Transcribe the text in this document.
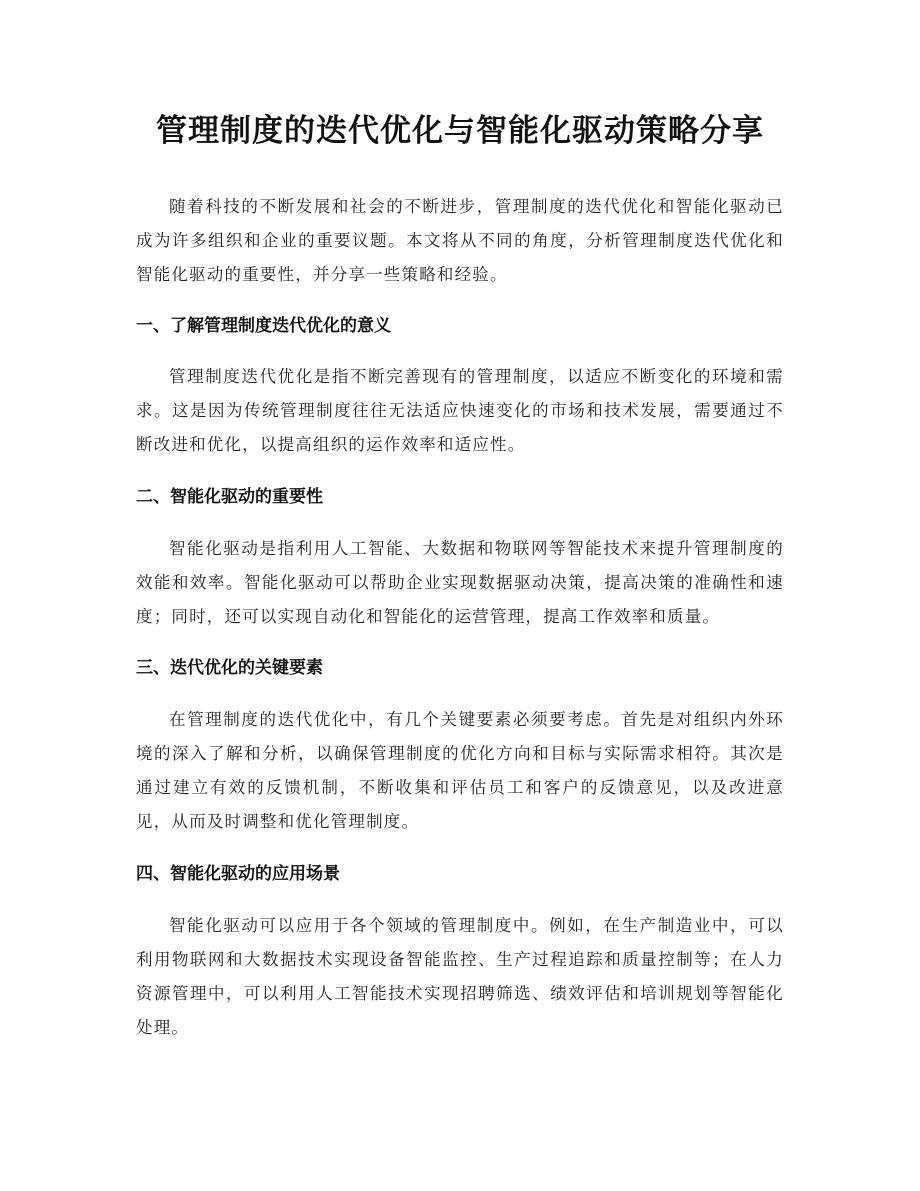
管理制度的迭代优化与智能化驱动策略分享

随着科技的不断发展和社会的不断进步，管理制度的迭代优化和智能化驱动已成为许多组织和企业的重要议题。本文将从不同的角度，分析管理制度迭代优化和智能化驱动的重要性，并分享一些策略和经验。

一、了解管理制度迭代优化的意义

管理制度迭代优化是指不断完善现有的管理制度，以适应不断变化的环境和需求。这是因为传统管理制度往往无法适应快速变化的市场和技术发展，需要通过不断改进和优化，以提高组织的运作效率和适应性。

二、智能化驱动的重要性

智能化驱动是指利用人工智能、大数据和物联网等智能技术来提升管理制度的效能和效率。智能化驱动可以帮助企业实现数据驱动决策，提高决策的准确性和速度；同时，还可以实现自动化和智能化的运营管理，提高工作效率和质量。

三、迭代优化的关键要素

在管理制度的迭代优化中，有几个关键要素必须要考虑。首先是对组织内外环境的深入了解和分析，以确保管理制度的优化方向和目标与实际需求相符。其次是通过建立有效的反馈机制，不断收集和评估员工和客户的反馈意见，以及改进意见，从而及时调整和优化管理制度。

四、智能化驱动的应用场景

智能化驱动可以应用于各个领域的管理制度中。例如，在生产制造业中，可以利用物联网和大数据技术实现设备智能监控、生产过程追踪和质量控制等；在人力资源管理中，可以利用人工智能技术实现招聘筛选、绩效评估和培训规划等智能化处理。
